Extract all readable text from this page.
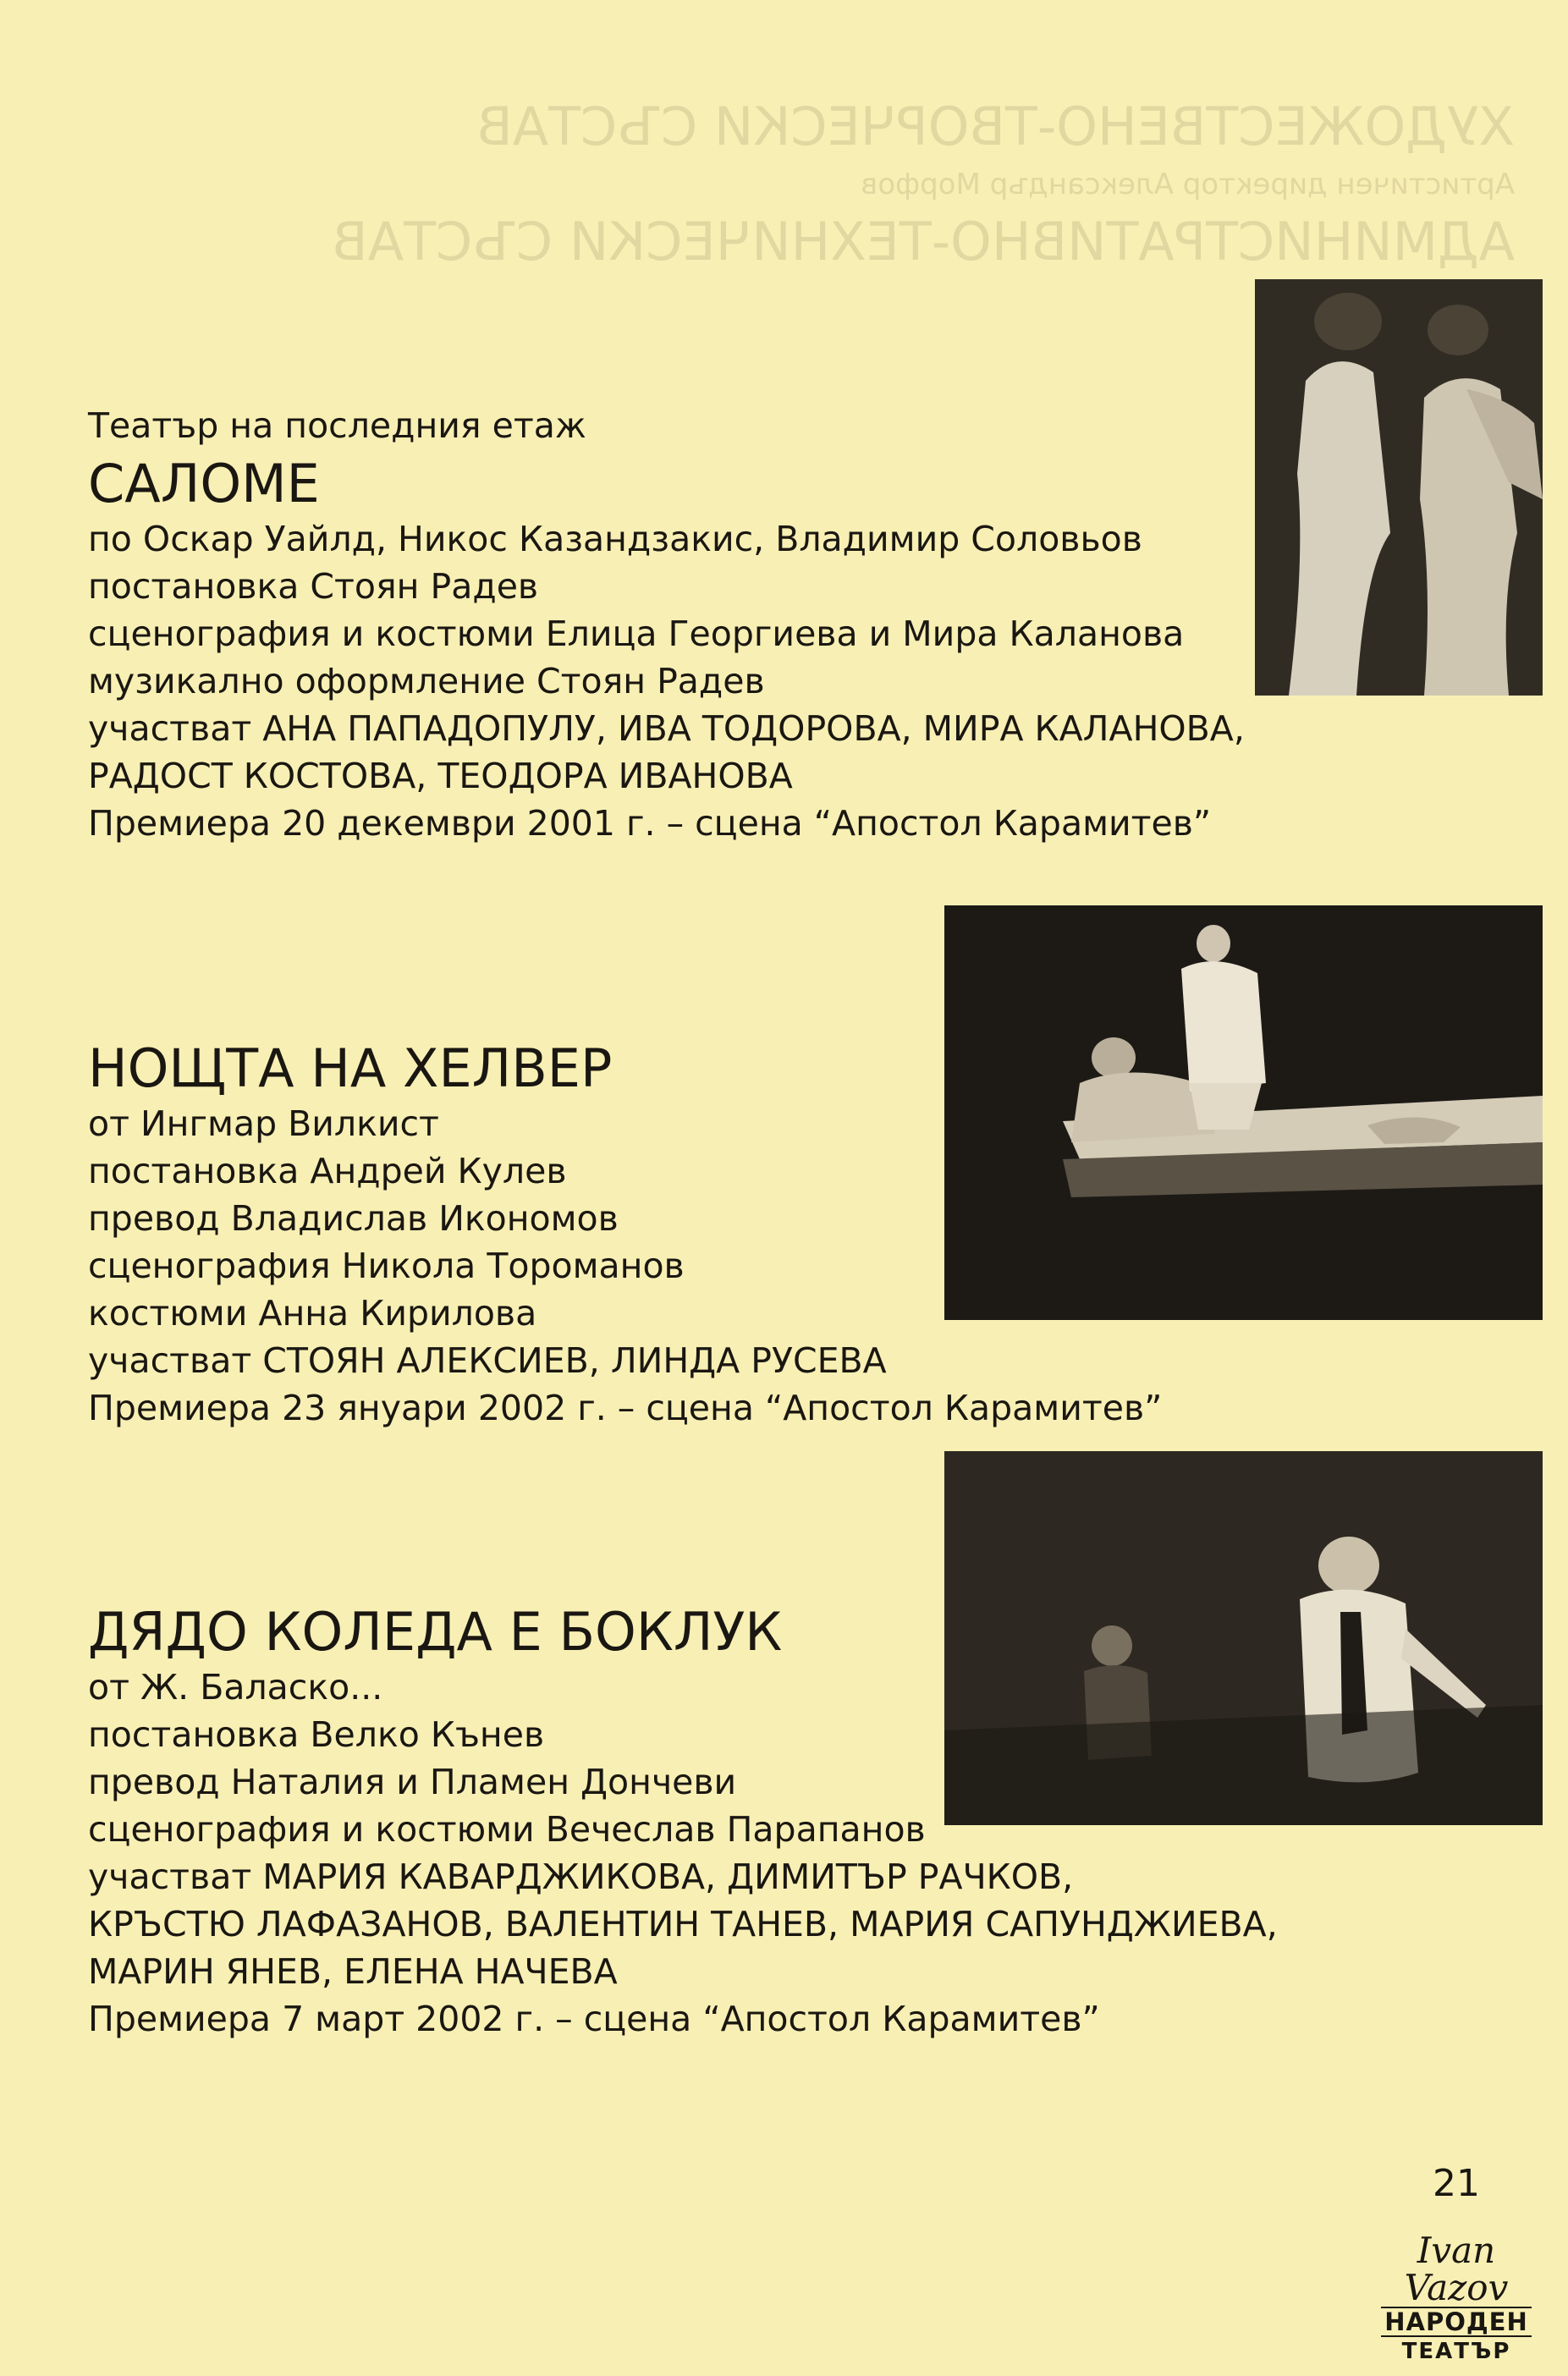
ХУДОЖЕСТВЕНО-ТВОРЧЕСКИ СЪСТАВ
Артистичен директор Александър Морфов
АДМИНИСТРАТИВНО-ТЕХНИЧЕСКИ СЪСТАВ

Театър на последния етаж

САЛОМЕ

по Оскар Уайлд, Никос Казандзакис, Владимир Соловьов

постановка Стоян Радев

сценография и костюми Елица Георгиева и Мира Каланова

музикално оформление Стоян Радев

участват АНА ПАПАДОПУЛУ, ИВА ТОДОРОВА, МИРА КАЛАНОВА,

РАДОСТ КОСТОВА, ТЕОДОРА ИВАНОВА

Премиера 20 декември 2001 г. – сцена “Апостол Карамитев”

НОЩТА НА ХЕЛВЕР

от Ингмар Вилкист

постановка Андрей Кулев

превод Владислав Икономов

сценография Никола Тороманов

костюми Анна Кирилова

участват СТОЯН АЛЕКСИЕВ, ЛИНДА РУСЕВА

Премиера 23 януари 2002 г. – сцена “Апостол Карамитев”

ДЯДО КОЛЕДА Е БОКЛУК

от Ж. Баласко...

постановка Велко Кънев

превод Наталия и Пламен Дончеви

сценография и костюми Вечеслав Парапанов

участват МАРИЯ КАВАРДЖИКОВА, ДИМИТЪР РАЧКОВ,

КРЪСТЮ ЛАФАЗАНОВ, ВАЛЕНТИН ТАНЕВ, МАРИЯ САПУНДЖИЕВА,

МАРИН ЯНЕВ, ЕЛЕНА НАЧЕВА

Премиера 7 март 2002 г. – сцена “Апостол Карамитев”

21
Ivan Vazov
НАРОДЕН
ТЕАТЪР
